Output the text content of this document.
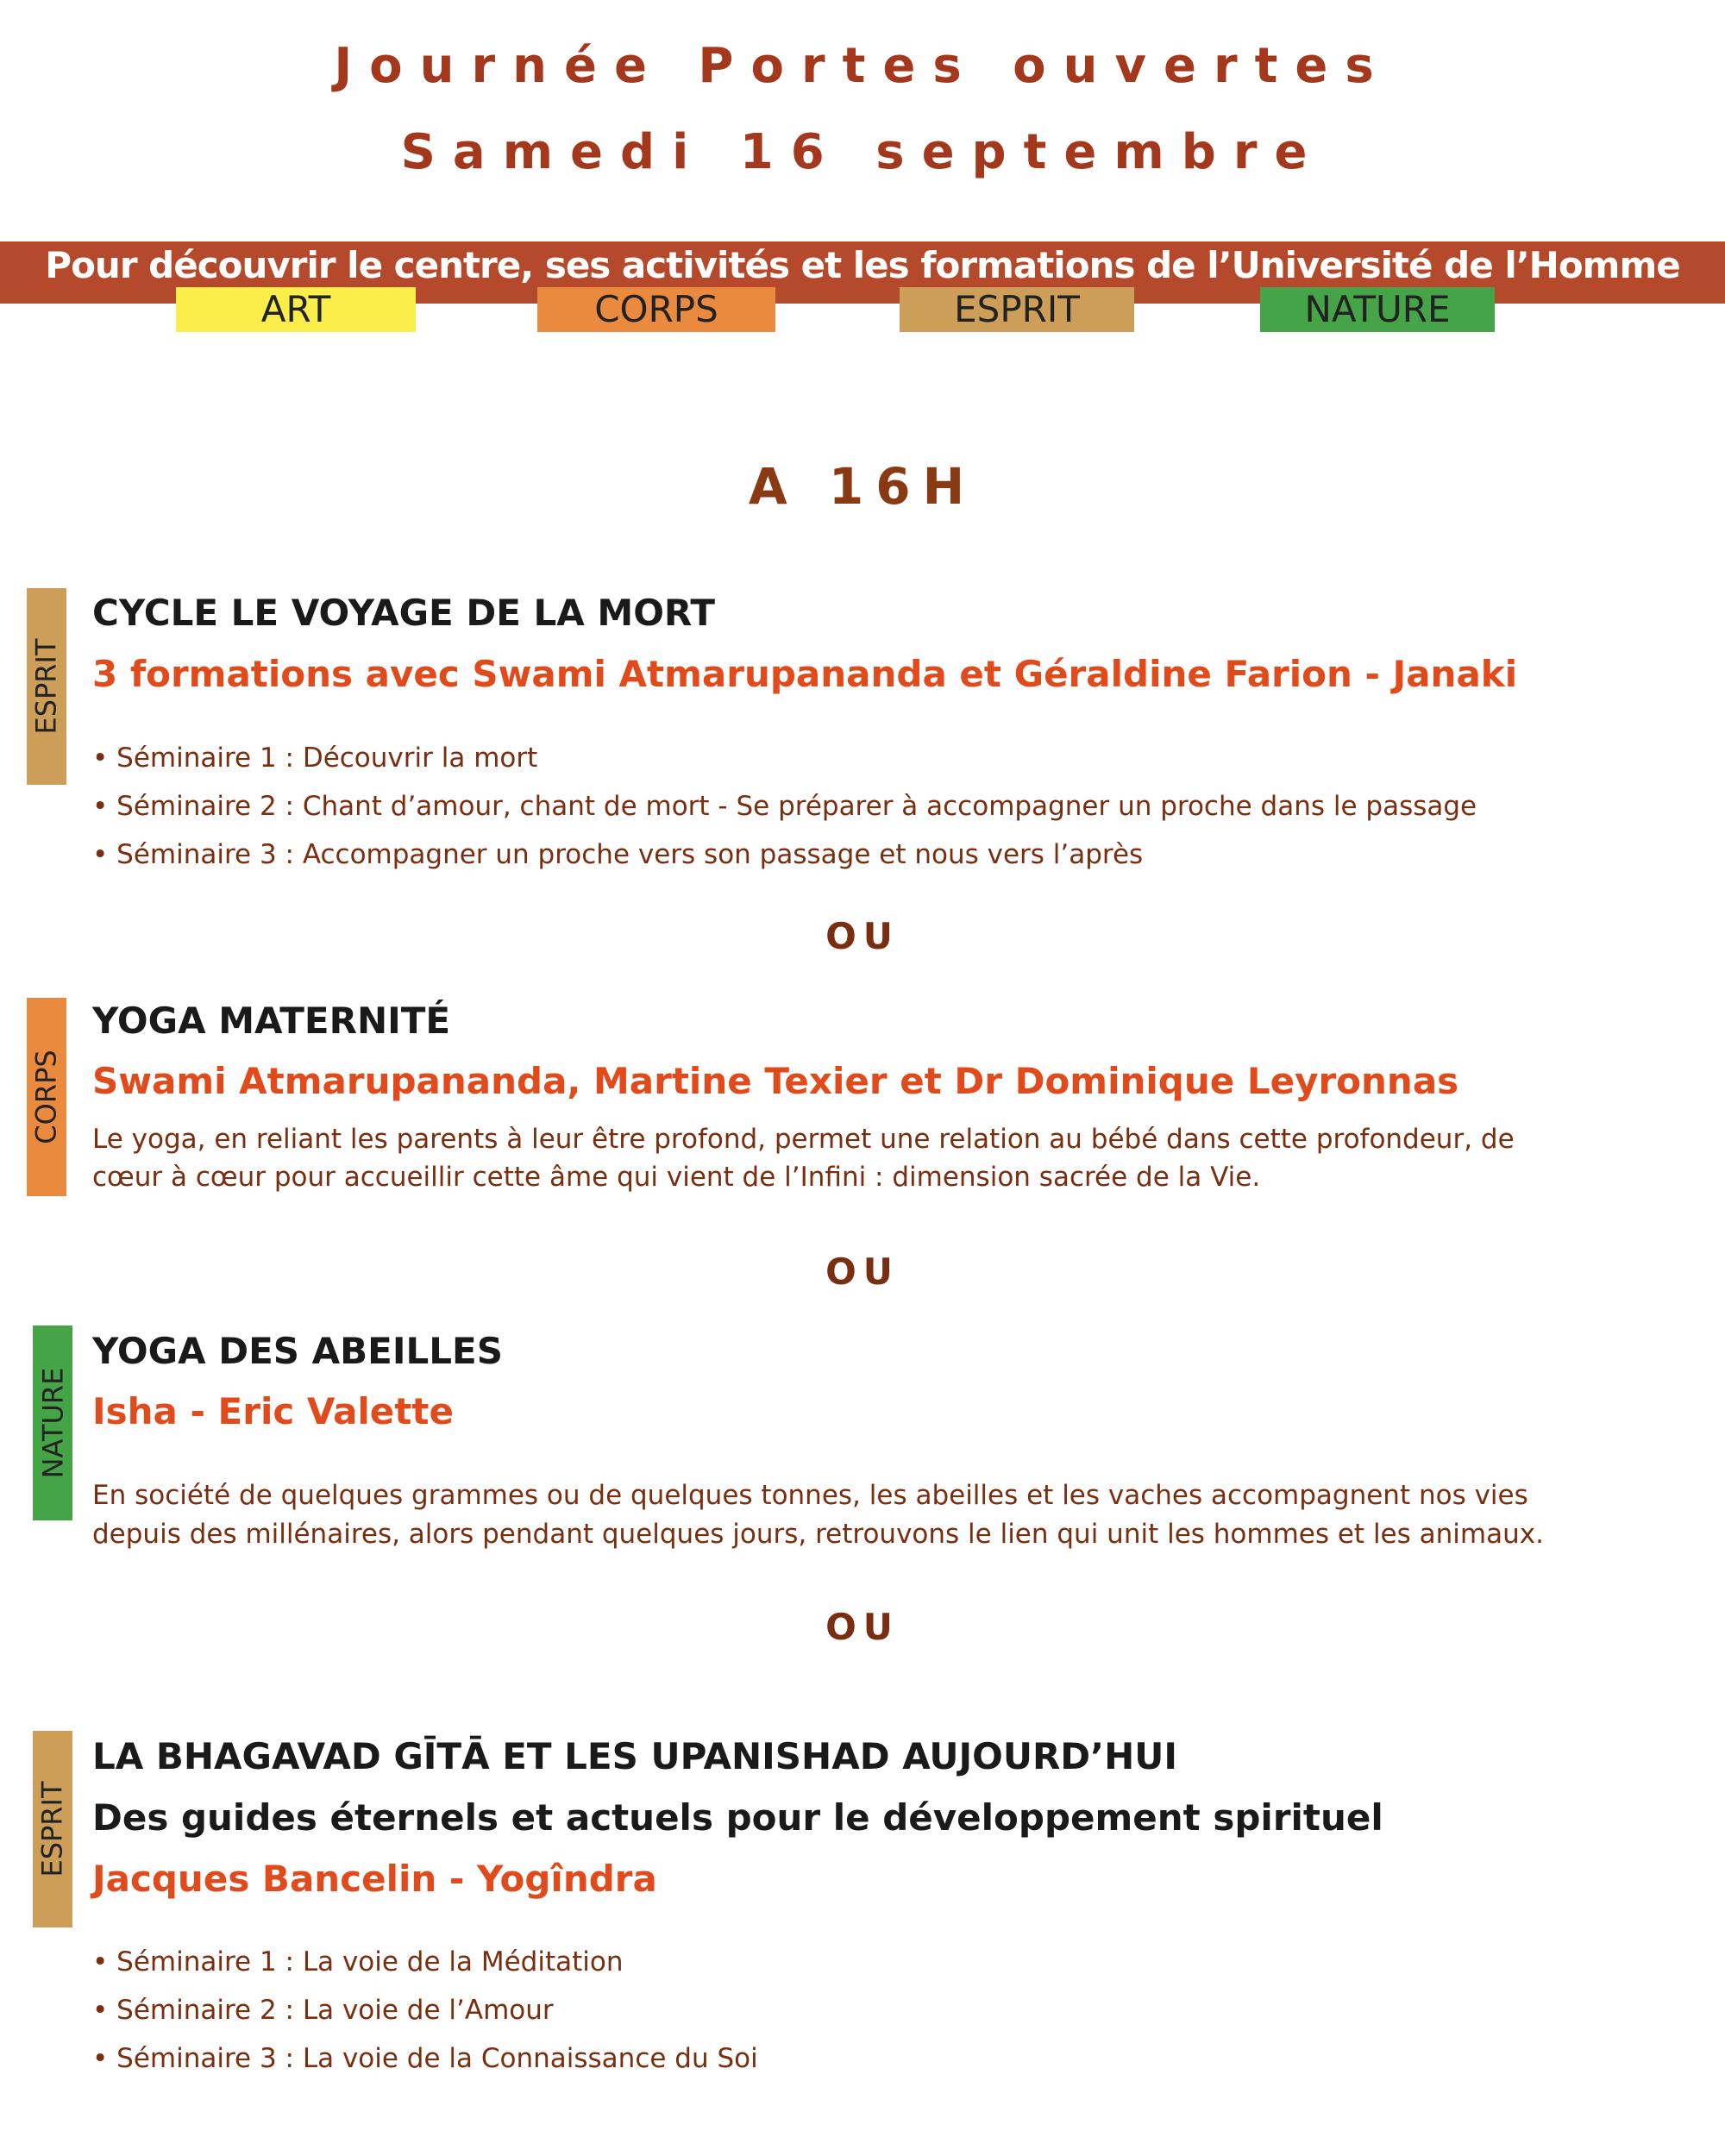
Journée Portes ouvertes
Samedi 16 septembre
Pour découvrir le centre, ses activités et les formations de l’Université de l’Homme
ART	CORPS	ESPRIT	NATURE
A 16H
ESPRIT
CYCLE LE VOYAGE DE LA MORT
3 formations avec Swami Atmarupananda et Géraldine Farion - Janaki
• Séminaire 1 : Découvrir la mort
• Séminaire 2 : Chant d’amour, chant de mort - Se préparer à accompagner un proche dans le passage
• Séminaire 3 : Accompagner un proche vers son passage et nous vers l’après
OU
CORPS
YOGA MATERNITÉ
Swami Atmarupananda, Martine Texier et Dr Dominique Leyronnas
Le yoga, en reliant les parents à leur être profond, permet une relation au bébé dans cette profondeur, de cœur à cœur pour accueillir cette âme qui vient de l’Infini : dimension sacrée de la Vie.
OU
NATURE
YOGA DES ABEILLES
Isha - Eric Valette
En société de quelques grammes ou de quelques tonnes, les abeilles et les vaches accompagnent nos vies
depuis des millénaires, alors pendant quelques jours, retrouvons le lien qui unit les hommes et les animaux.
OU
ESPRIT
LA BHAGAVAD GĪTĀ ET LES UPANISHAD AUJOURD’HUI
Des guides éternels et actuels pour le développement spirituel
Jacques Bancelin - Yogîndra
• Séminaire 1 : La voie de la Méditation
• Séminaire 2 : La voie de l’Amour
• Séminaire 3 : La voie de la Connaissance du Soi
